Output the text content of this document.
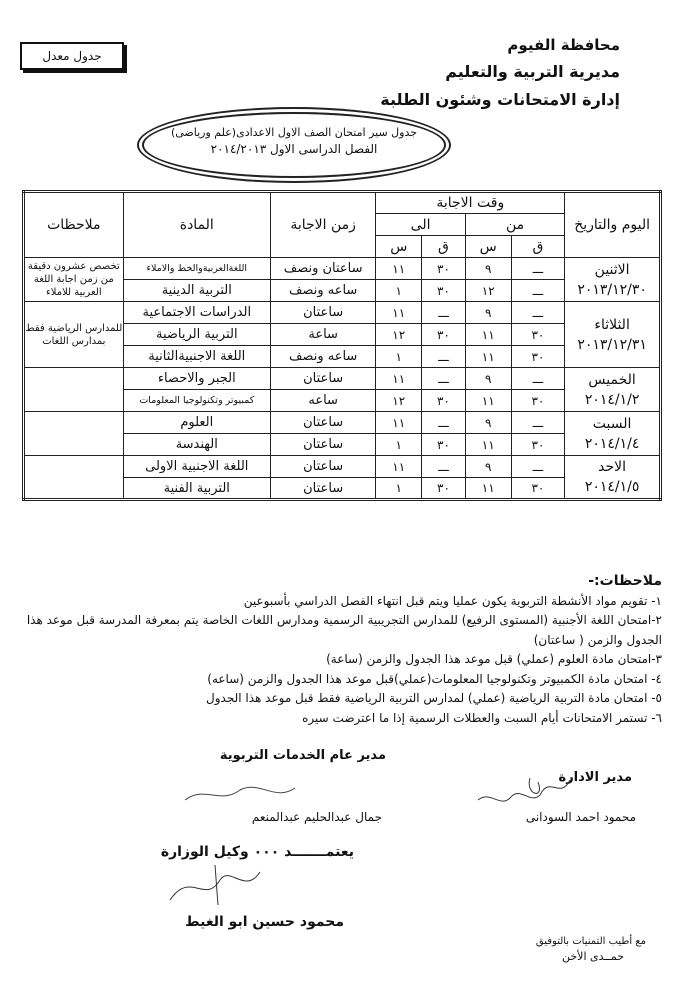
محافظة الفيوم
مديرية التربية والتعليم
إدارة الامتحانات وشئون الطلبة
جدول معدل
جدول سير امتحان الصف الاول الاعدادى(علم ورياضى)
الفصل الدراسى الاول ٢٠١٤/٢٠١٣
اليوم والتاريخ	وقت الاجابة				زمن الاجابة	المادة	ملاحظات
	من		الى				
	ق	س	ق	س			

الاثنين
٢٠١٣/١٢/٣٠	ـــ	٩	٣٠	١١	ساعتان ونصف	اللغةالعربيةوالخط والاملاء	تخصص عشرون دقيقة من زمن اجابة اللغة العربية للاملاء
	ـــ	١٢	٣٠	١	ساعه ونصف	التربية الدينية	

الثلاثاء
٢٠١٣/١٢/٣١	ـــ	٩	ـــ	١١	ساعتان	الدراسات الاجتماعية	للمدارس الرياضية فقط بمدارس اللغات
	٣٠	١١	٣٠	١٢	ساعة	التربية الرياضية	
	٣٠	١١	ـــ	١	ساعه ونصف	اللغة الاجنبيةالثانية	

الخميس
٢٠١٤/١/٢	ـــ	٩	ـــ	١١	ساعتان	الجبر والاحصاء	
	٣٠	١١	٣٠	١٢	ساعه	كمبيوتر وتكنولوجيا المعلومات	

السبت
٢٠١٤/١/٤	ـــ	٩	ـــ	١١	ساعتان	العلوم	
	٣٠	١١	٣٠	١	ساعتان	الهندسة	

الاحد
٢٠١٤/١/٥	ـــ	٩	ـــ	١١	ساعتان	اللغة الاجنبية الاولى	
	٣٠	١١	٣٠	١	ساعتان	التربية الفنية	
ملاحظات:-
١- تقويم مواد الأنشطة التربوية يكون عمليا ويتم قبل انتهاء الفصل الدراسي بأسبوعين
٢-امتحان اللغة الأجنبية (المستوى الرفيع) للمدارس التجريبية الرسمية ومدارس اللغات الخاصة يتم بمعرفة المدرسة قبل موعد هذا الجدول والزمن ( ساعتان)
٣-امتحان مادة العلوم (عملي) قبل موعد هذا الجدول والزمن (ساعة)
٤- امتحان مادة الكمبيوتر وتكنولوجيا المعلومات(عملي)قبل موعد هذا الجدول والزمن (ساعه)
٥- امتحان مادة التربية الرياضية (عملي) لمدارس التربية الرياضية فقط قبل موعد هذا الجدول
٦- تستمر الامتحانات أيام السبت والعطلات الرسمية إذا ما اعترضت سيره
مدير الادارة
محمود احمد السودانى
مدير عام الخدمات التربوية
جمال عبدالحليم عبدالمنعم
يعتمـــــــد ٠٠٠ وكيل الوزارة
محمود حسين ابو الغيط
مع أطيب التمنيات بالتوفيق
حمــدى الأخن
